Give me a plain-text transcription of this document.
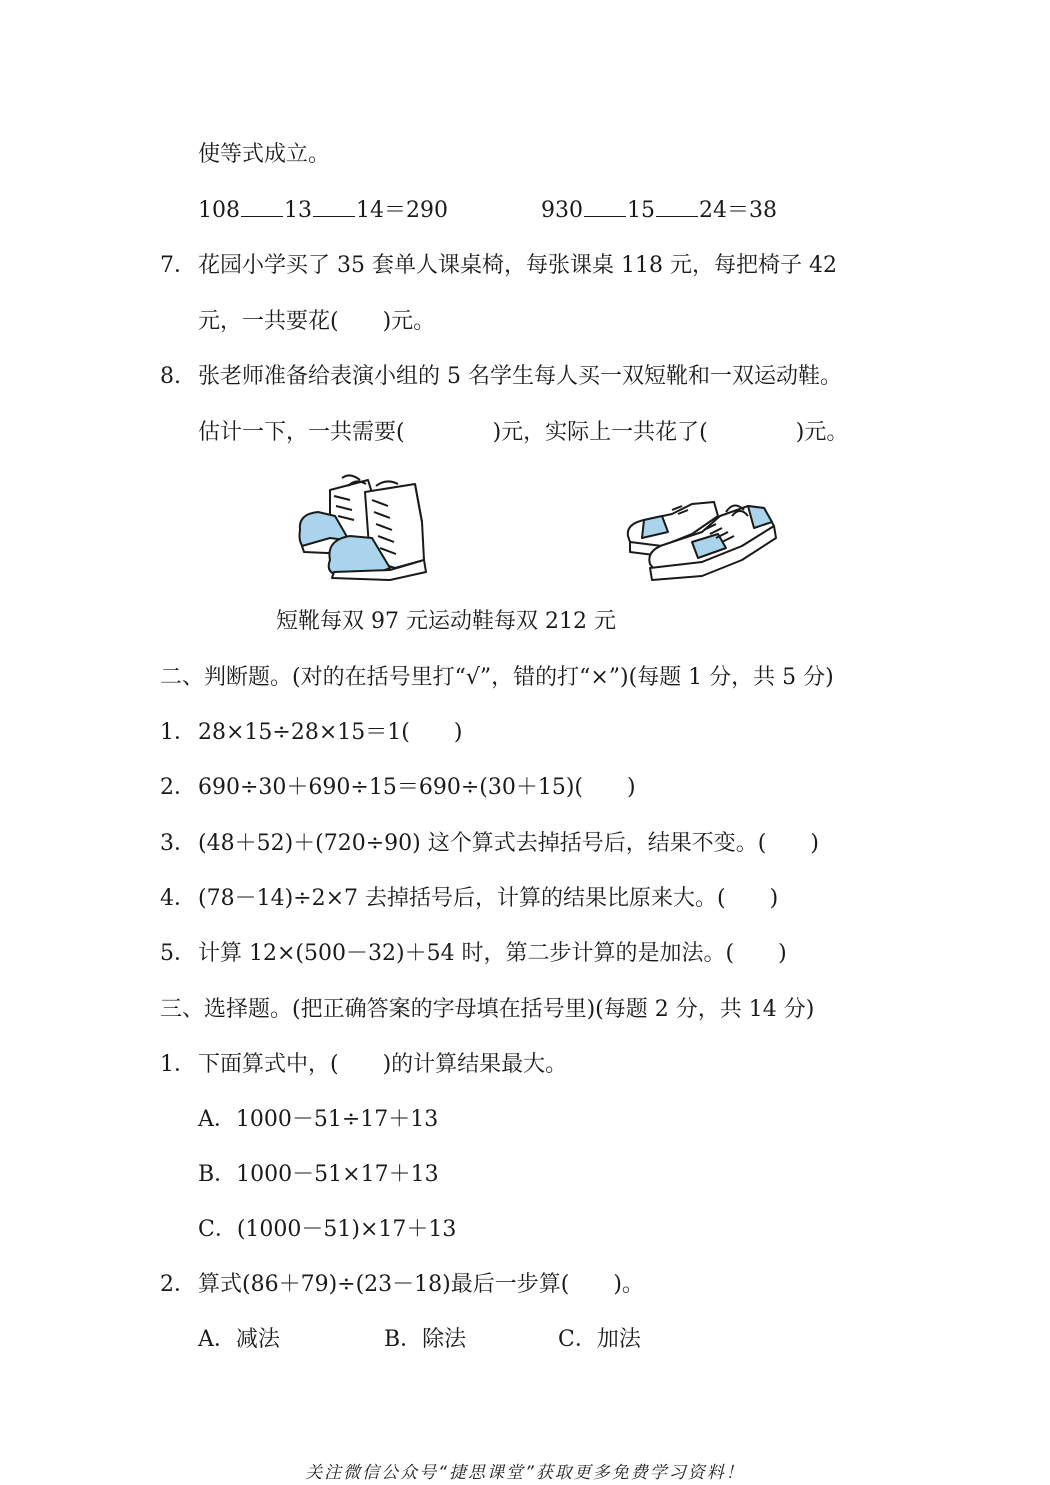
使等式成立。
108 13 14＝290	930 15 24＝38
7．花园小学买了 35 套单人课桌椅，每张课桌 118 元，每把椅子 42
元，一共要花(　　)元。
8. 张老师准备给表演小组的 5 名学生每人买一双短靴和一双运动鞋。
估计一下，一共需要(　　　　)元，实际上一共花了(　　　　)元。
短靴每双 97 元运动鞋每双 212 元
二、判断题。(对的在括号里打“√”，错的打“×”)(每题 1 分，共 5 分)
1．28×15÷28×15＝1(　　)
2．690÷30＋690÷15＝690÷(30＋15)(　　)
3．(48＋52)＋(720÷90) 这个算式去掉括号后，结果不变。(　　)
4．(78－14)÷2×7 去掉括号后，计算的结果比原来大。(　　)
5．计算 12×(500－32)＋54 时，第二步计算的是加法。(　　)
三、选择题。(把正确答案的字母填在括号里)(每题 2 分，共 14 分)
1．下面算式中，(　　)的计算结果最大。
A．1000－51÷17＋13
B．1000－51×17＋13
C．(1000－51)×17＋13
2．算式(86＋79)÷(23－18)最后一步算(　　)。
A．减法	B．除法	C．加法
关注微信公众号“捷思课堂”获取更多免费学习资料！
